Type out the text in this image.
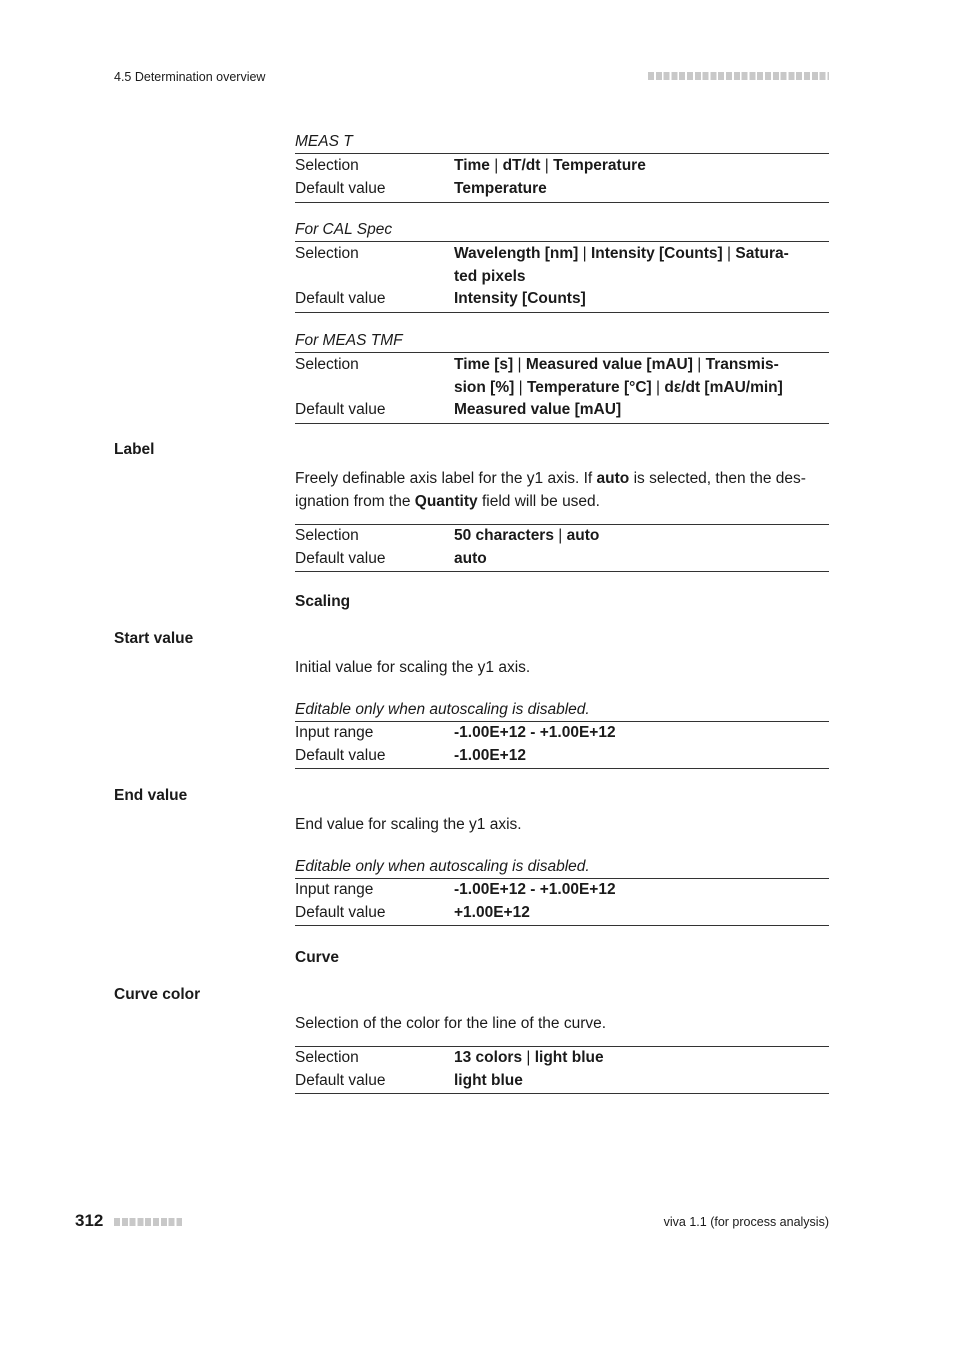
4.5 Determination overview
MEAS T
Selection	Time | dT/dt | Temperature
Default value	Temperature
For CAL Spec
Selection	Wavelength [nm] | Intensity [Counts] | Satura-
ted pixels
Default value	Intensity [Counts]
For MEAS TMF
Selection	Time [s] | Measured value [mAU] | Transmis-
sion [%] | Temperature [°C] | dε/dt [mAU/min]
Default value	Measured value [mAU]
Label
Freely definable axis label for the y1 axis. If auto is selected, then the des-
ignation from the Quantity field will be used.
Selection	50 characters | auto
Default value	auto
Scaling
Start value
Initial value for scaling the y1 axis.
Editable only when autoscaling is disabled.
Input range	-1.00E+12 - +1.00E+12
Default value	-1.00E+12
End value
End value for scaling the y1 axis.
Editable only when autoscaling is disabled.
Input range	-1.00E+12 - +1.00E+12
Default value	+1.00E+12
Curve
Curve color
Selection of the color for the line of the curve.
Selection	13 colors | light blue
Default value	light blue
312	viva 1.1 (for process analysis)
